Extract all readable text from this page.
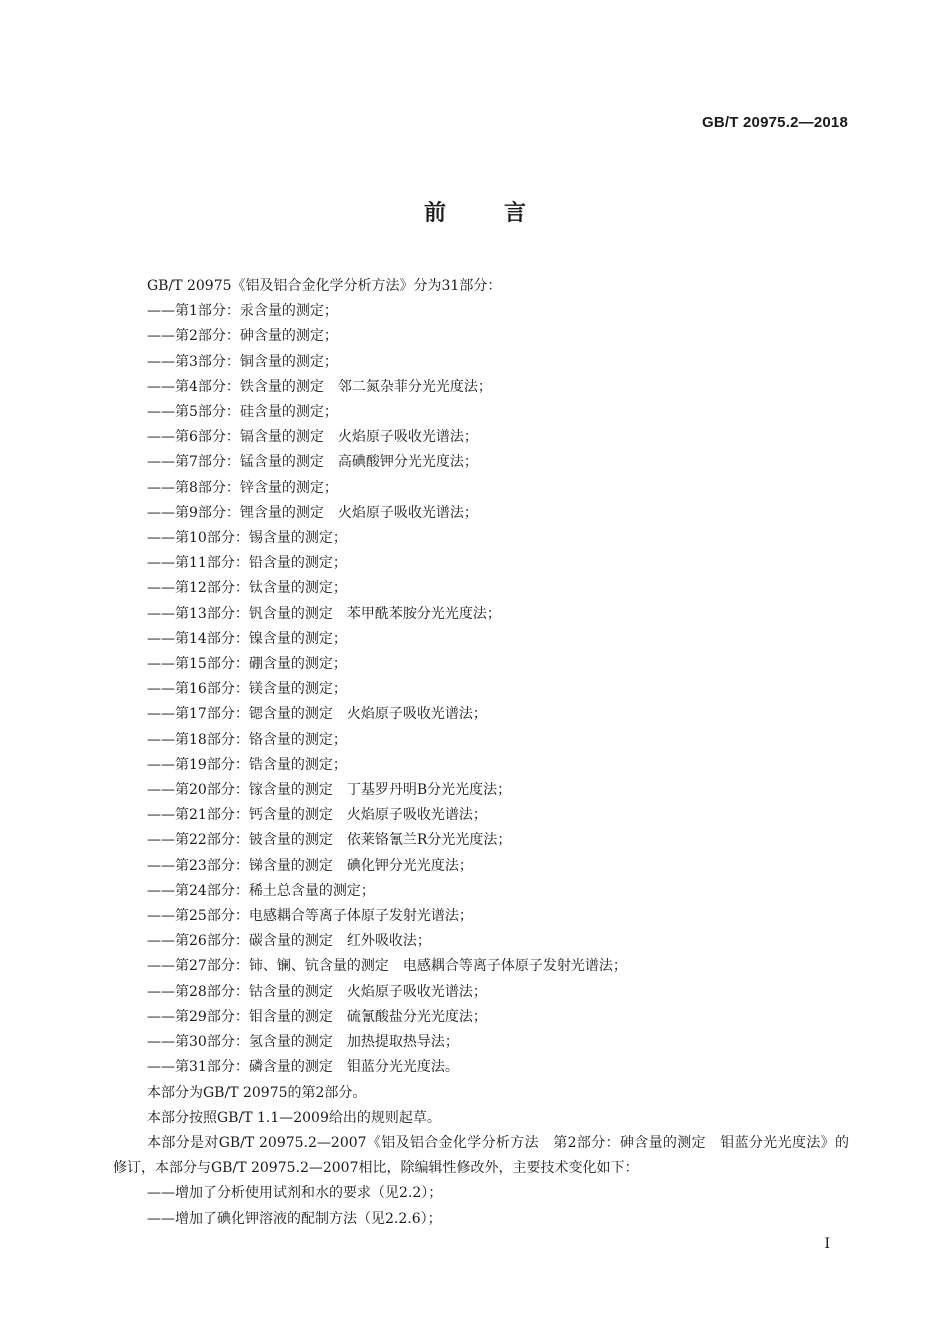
GB/T 20975.2—2018
前言

GB/T 20975《铝及铝合金化学分析方法》分为31部分：

——第1部分：汞含量的测定；

——第2部分：砷含量的测定；

——第3部分：铜含量的测定；

——第4部分：铁含量的测定　邻二氮杂菲分光光度法；

——第5部分：硅含量的测定；

——第6部分：镉含量的测定　火焰原子吸收光谱法；

——第7部分：锰含量的测定　高碘酸钾分光光度法；

——第8部分：锌含量的测定；

——第9部分：锂含量的测定　火焰原子吸收光谱法；

——第10部分：锡含量的测定；

——第11部分：铅含量的测定；

——第12部分：钛含量的测定；

——第13部分：钒含量的测定　苯甲酰苯胺分光光度法；

——第14部分：镍含量的测定；

——第15部分：硼含量的测定；

——第16部分：镁含量的测定；

——第17部分：锶含量的测定　火焰原子吸收光谱法；

——第18部分：铬含量的测定；

——第19部分：锆含量的测定；

——第20部分：镓含量的测定　丁基罗丹明B分光光度法；

——第21部分：钙含量的测定　火焰原子吸收光谱法；

——第22部分：铍含量的测定　依莱铬氰兰R分光光度法；

——第23部分：锑含量的测定　碘化钾分光光度法；

——第24部分：稀土总含量的测定；

——第25部分：电感耦合等离子体原子发射光谱法；

——第26部分：碳含量的测定　红外吸收法；

——第27部分：铈、镧、钪含量的测定　电感耦合等离子体原子发射光谱法；

——第28部分：钴含量的测定　火焰原子吸收光谱法；

——第29部分：钼含量的测定　硫氰酸盐分光光度法；

——第30部分：氢含量的测定　加热提取热导法；

——第31部分：磷含量的测定　钼蓝分光光度法。

本部分为GB/T 20975的第2部分。

本部分按照GB/T 1.1—2009给出的规则起草。

本部分是对GB/T 20975.2—2007《铝及铝合金化学分析方法　第2部分：砷含量的测定　钼蓝分光光度法》的修订，本部分与GB/T 20975.2—2007相比，除编辑性修改外，主要技术变化如下：

——增加了分析使用试剂和水的要求（见2.2）；

——增加了碘化钾溶液的配制方法（见2.2.6）；

I
